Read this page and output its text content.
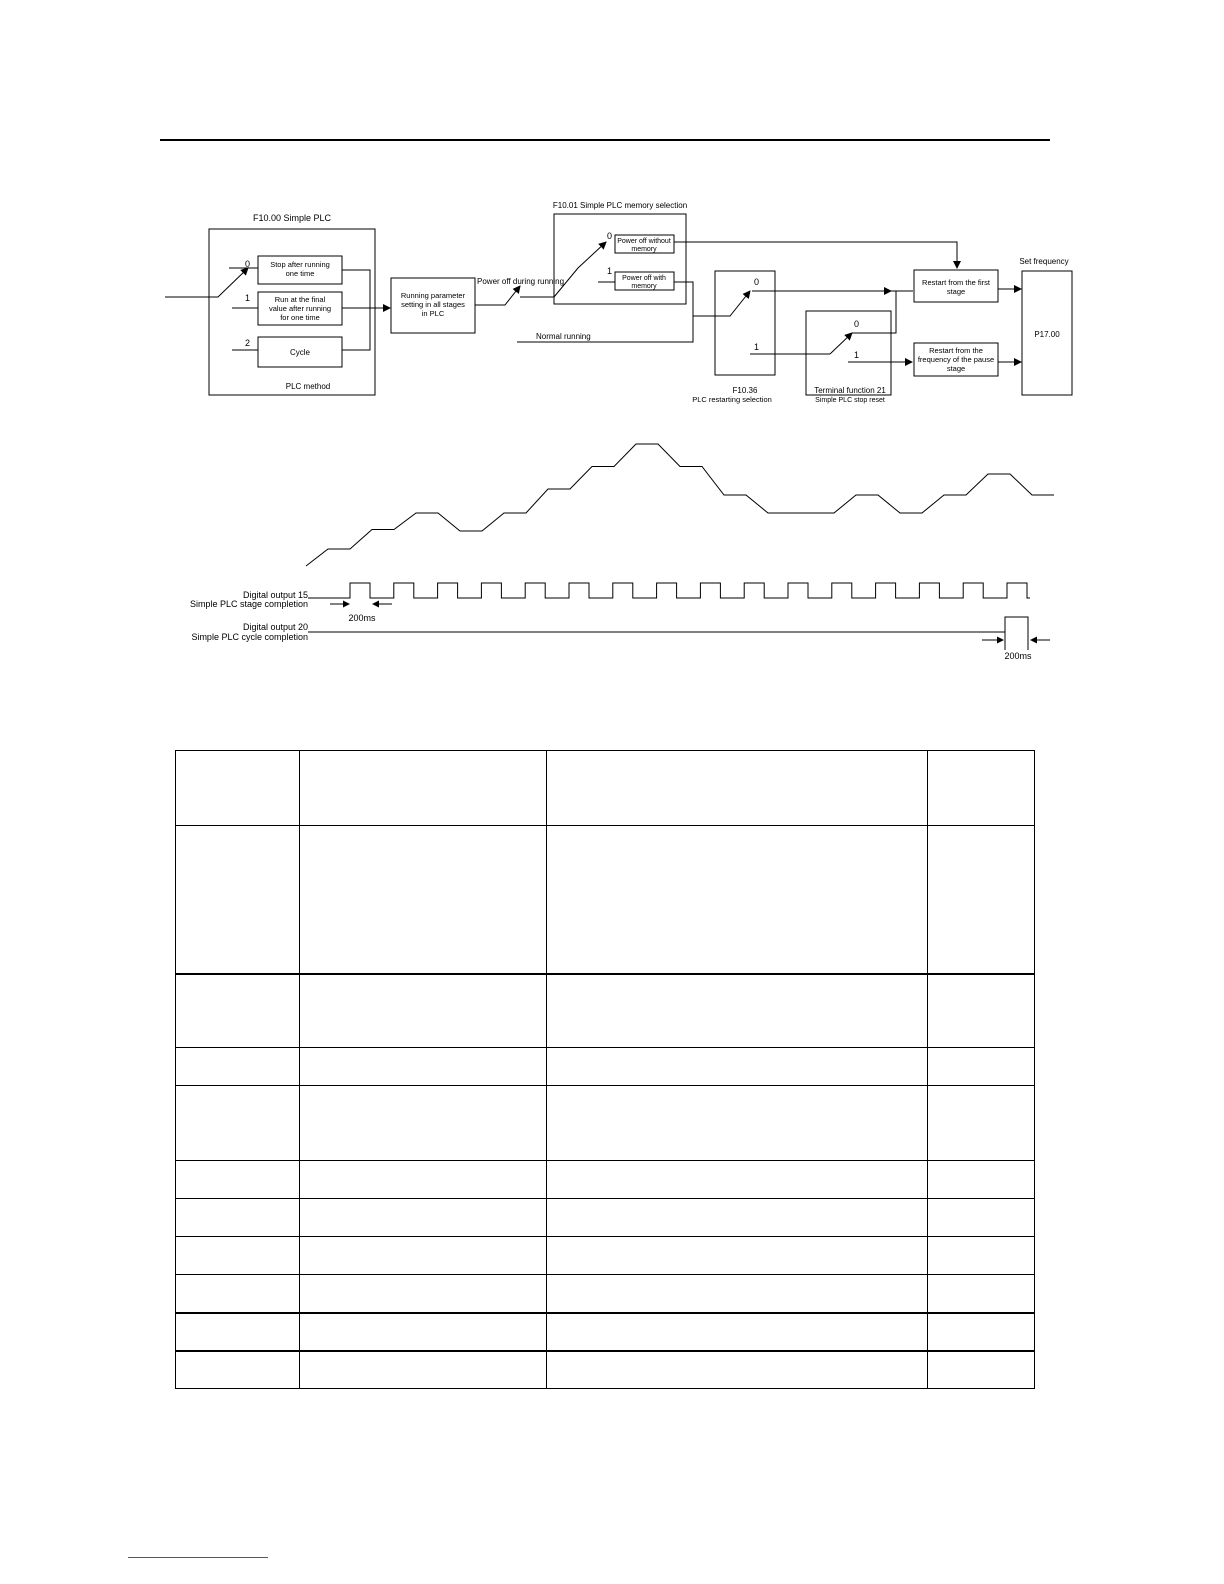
F10.00 Simple PLC
0	Stop after running
one time
1	Run at the final
value after running
for one time
2
Cycle
PLC method
Running parameter
setting in all stages
in PLC
Power off during running
Normal running
F10.01 Simple PLC memory selection
0
Power off without
memory
1
Power off with
memory	0
1
F10.36
PLC restarting selection
0
1
Terminal function 21
Simple PLC stop reset
Restart from the first
stage
Restart from the
frequency of the pause
stage
Set frequency
P17.00
Digital output 15
Simple PLC stage completion
Digital output 20
Simple PLC cycle completion
200ms
200ms
